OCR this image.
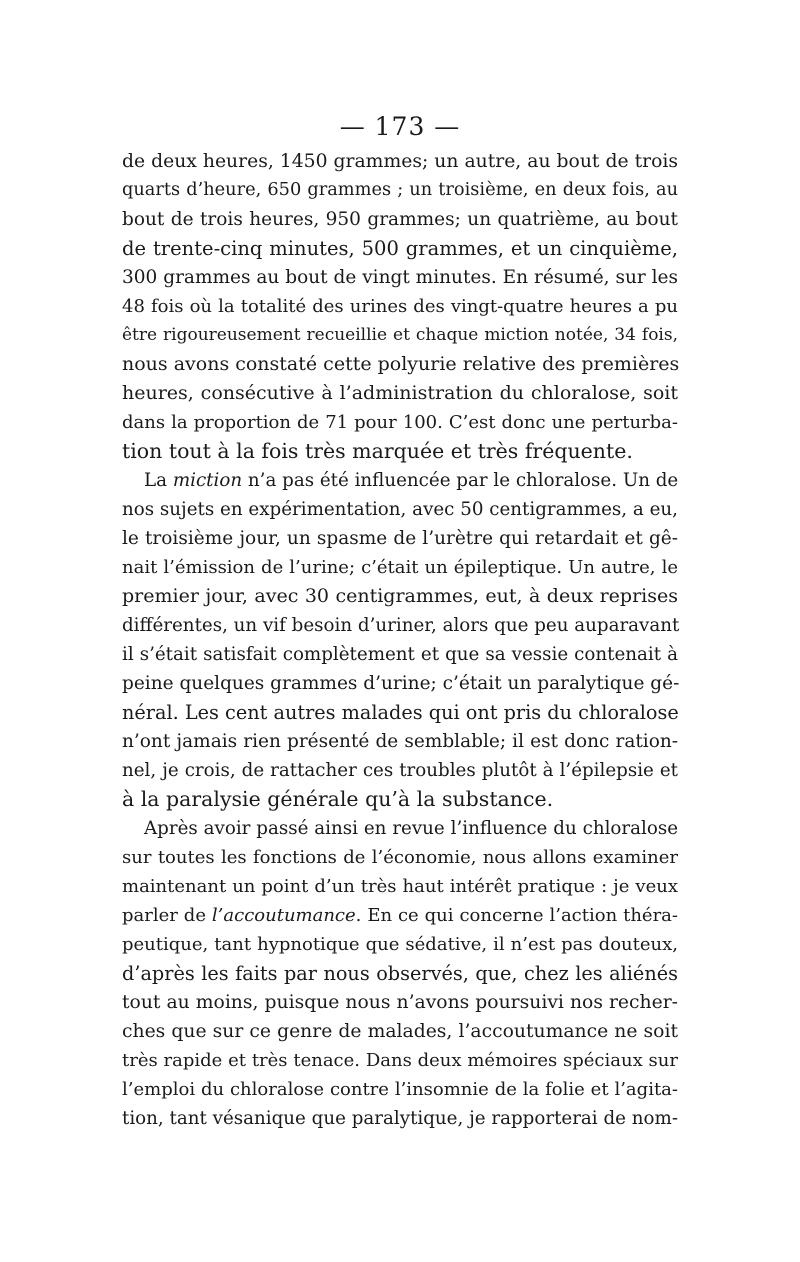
— 173 —
de deux heures, 1450 grammes; un autre, au bout de trois
quarts d’heure, 650 grammes ; un troisième, en deux fois, au
bout de trois heures, 950 grammes; un quatrième, au bout
de trente-cinq minutes, 500 grammes, et un cinquième,
300 grammes au bout de vingt minutes. En résumé, sur les
48 fois où la totalité des urines des vingt-quatre heures a pu
être rigoureusement recueillie et chaque miction notée, 34 fois,
nous avons constaté cette polyurie relative des premières
heures, consécutive à l’administration du chloralose, soit
dans la proportion de 71 pour 100. C’est donc une perturba-
tion tout à la fois très marquée et très fréquente.
La miction n’a pas été influencée par le chloralose. Un de
nos sujets en expérimentation, avec 50 centigrammes, a eu,
le troisième jour, un spasme de l’urètre qui retardait et gê-
nait l’émission de l’urine; c’était un épileptique. Un autre, le
premier jour, avec 30 centigrammes, eut, à deux reprises
différentes, un vif besoin d’uriner, alors que peu auparavant
il s’était satisfait complètement et que sa vessie contenait à
peine quelques grammes d’urine; c’était un paralytique gé-
néral. Les cent autres malades qui ont pris du chloralose
n’ont jamais rien présenté de semblable; il est donc ration-
nel, je crois, de rattacher ces troubles plutôt à l’épilepsie et
à la paralysie générale qu’à la substance.
Après avoir passé ainsi en revue l’influence du chloralose
sur toutes les fonctions de l’économie, nous allons examiner
maintenant un point d’un très haut intérêt pratique : je veux
parler de l’accoutumance. En ce qui concerne l’action théra-
peutique, tant hypnotique que sédative, il n’est pas douteux,
d’après les faits par nous observés, que, chez les aliénés
tout au moins, puisque nous n’avons poursuivi nos recher-
ches que sur ce genre de malades, l’accoutumance ne soit
très rapide et très tenace. Dans deux mémoires spéciaux sur
l’emploi du chloralose contre l’insomnie de la folie et l’agita-
tion, tant vésanique que paralytique, je rapporterai de nom-
